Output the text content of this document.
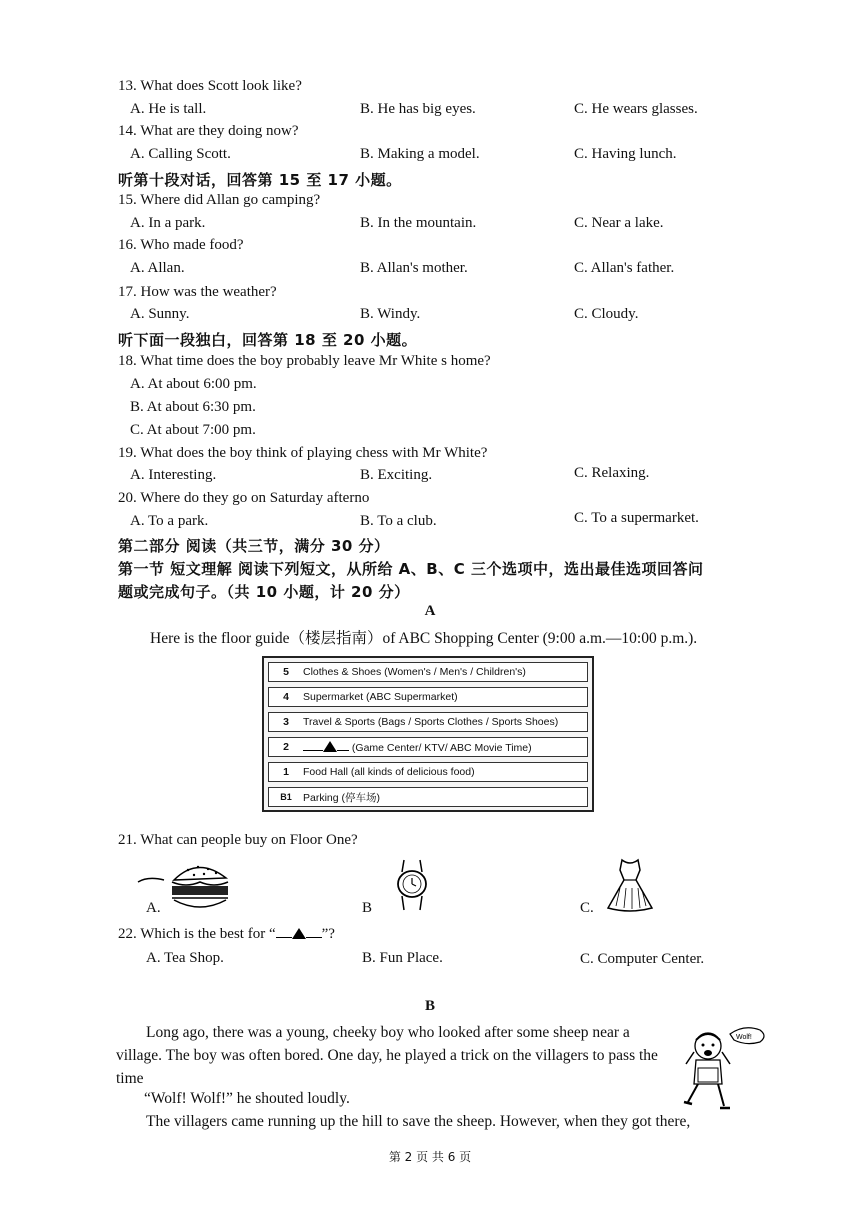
13. What does Scott look like?
A. He is tall.	B. He has big eyes.	C. He wears glasses.
14. What are they doing now?
A. Calling Scott.	B. Making a model.	C. Having lunch.
听第十段对话，回答第 15 至 17 小题。
15. Where did Allan go camping?
A. In a park.	B. In the mountain.	C. Near a lake.
16. Who made food?
A. Allan.	B. Allan's mother.	C. Allan's father.
17. How was the weather?
A. Sunny.	B. Windy.	C. Cloudy.
听下面一段独白，回答第 18 至 20 小题。
18. What time does the boy probably leave Mr White s home?
A. At about 6:00 pm.
B. At about 6:30 pm.
C. At about 7:00 pm.
19. What does the boy think of playing chess with Mr White?
A. Interesting.	B. Exciting.	C. Relaxing.
20. Where do they go on Saturday afterno
A. To a park.	B. To a club.	C. To a supermarket.
第二部分 阅读（共三节，满分 30 分）
第一节 短文理解 阅读下列短文，从所给 A、B、C 三个选项中，选出最佳选项回答问
题或完成句子。（共 10 小题，计 20 分）
A
Here is the floor guide（楼层指南）of ABC Shopping Center (9:00 a.m.—10:00 p.m.).
5	Clothes & Shoes (Women's / Men's / Children's)
4	Supermarket (ABC Supermarket)
3	Travel & Sports (Bags / Sports Clothes / Sports Shoes)
2	(Game Center/ KTV/ ABC Movie Time)
1	Food Hall (all kinds of delicious food)
B1	Parking (停车场)
21. What can people buy on Floor One?
A.	B	C.
22. Which is the best for “	”?
A. Tea Shop.	B. Fun Place.	C. Computer Center.
B
Long ago, there was a young, cheeky boy who looked after some sheep near a village. The boy was often bored. One day, he played a trick on the villagers to pass the time
“Wolf! Wolf!” he shouted loudly.
The villagers came running up the hill to save the sheep. However, when they got there,
Wolf!
第 2 页 共 6 页
